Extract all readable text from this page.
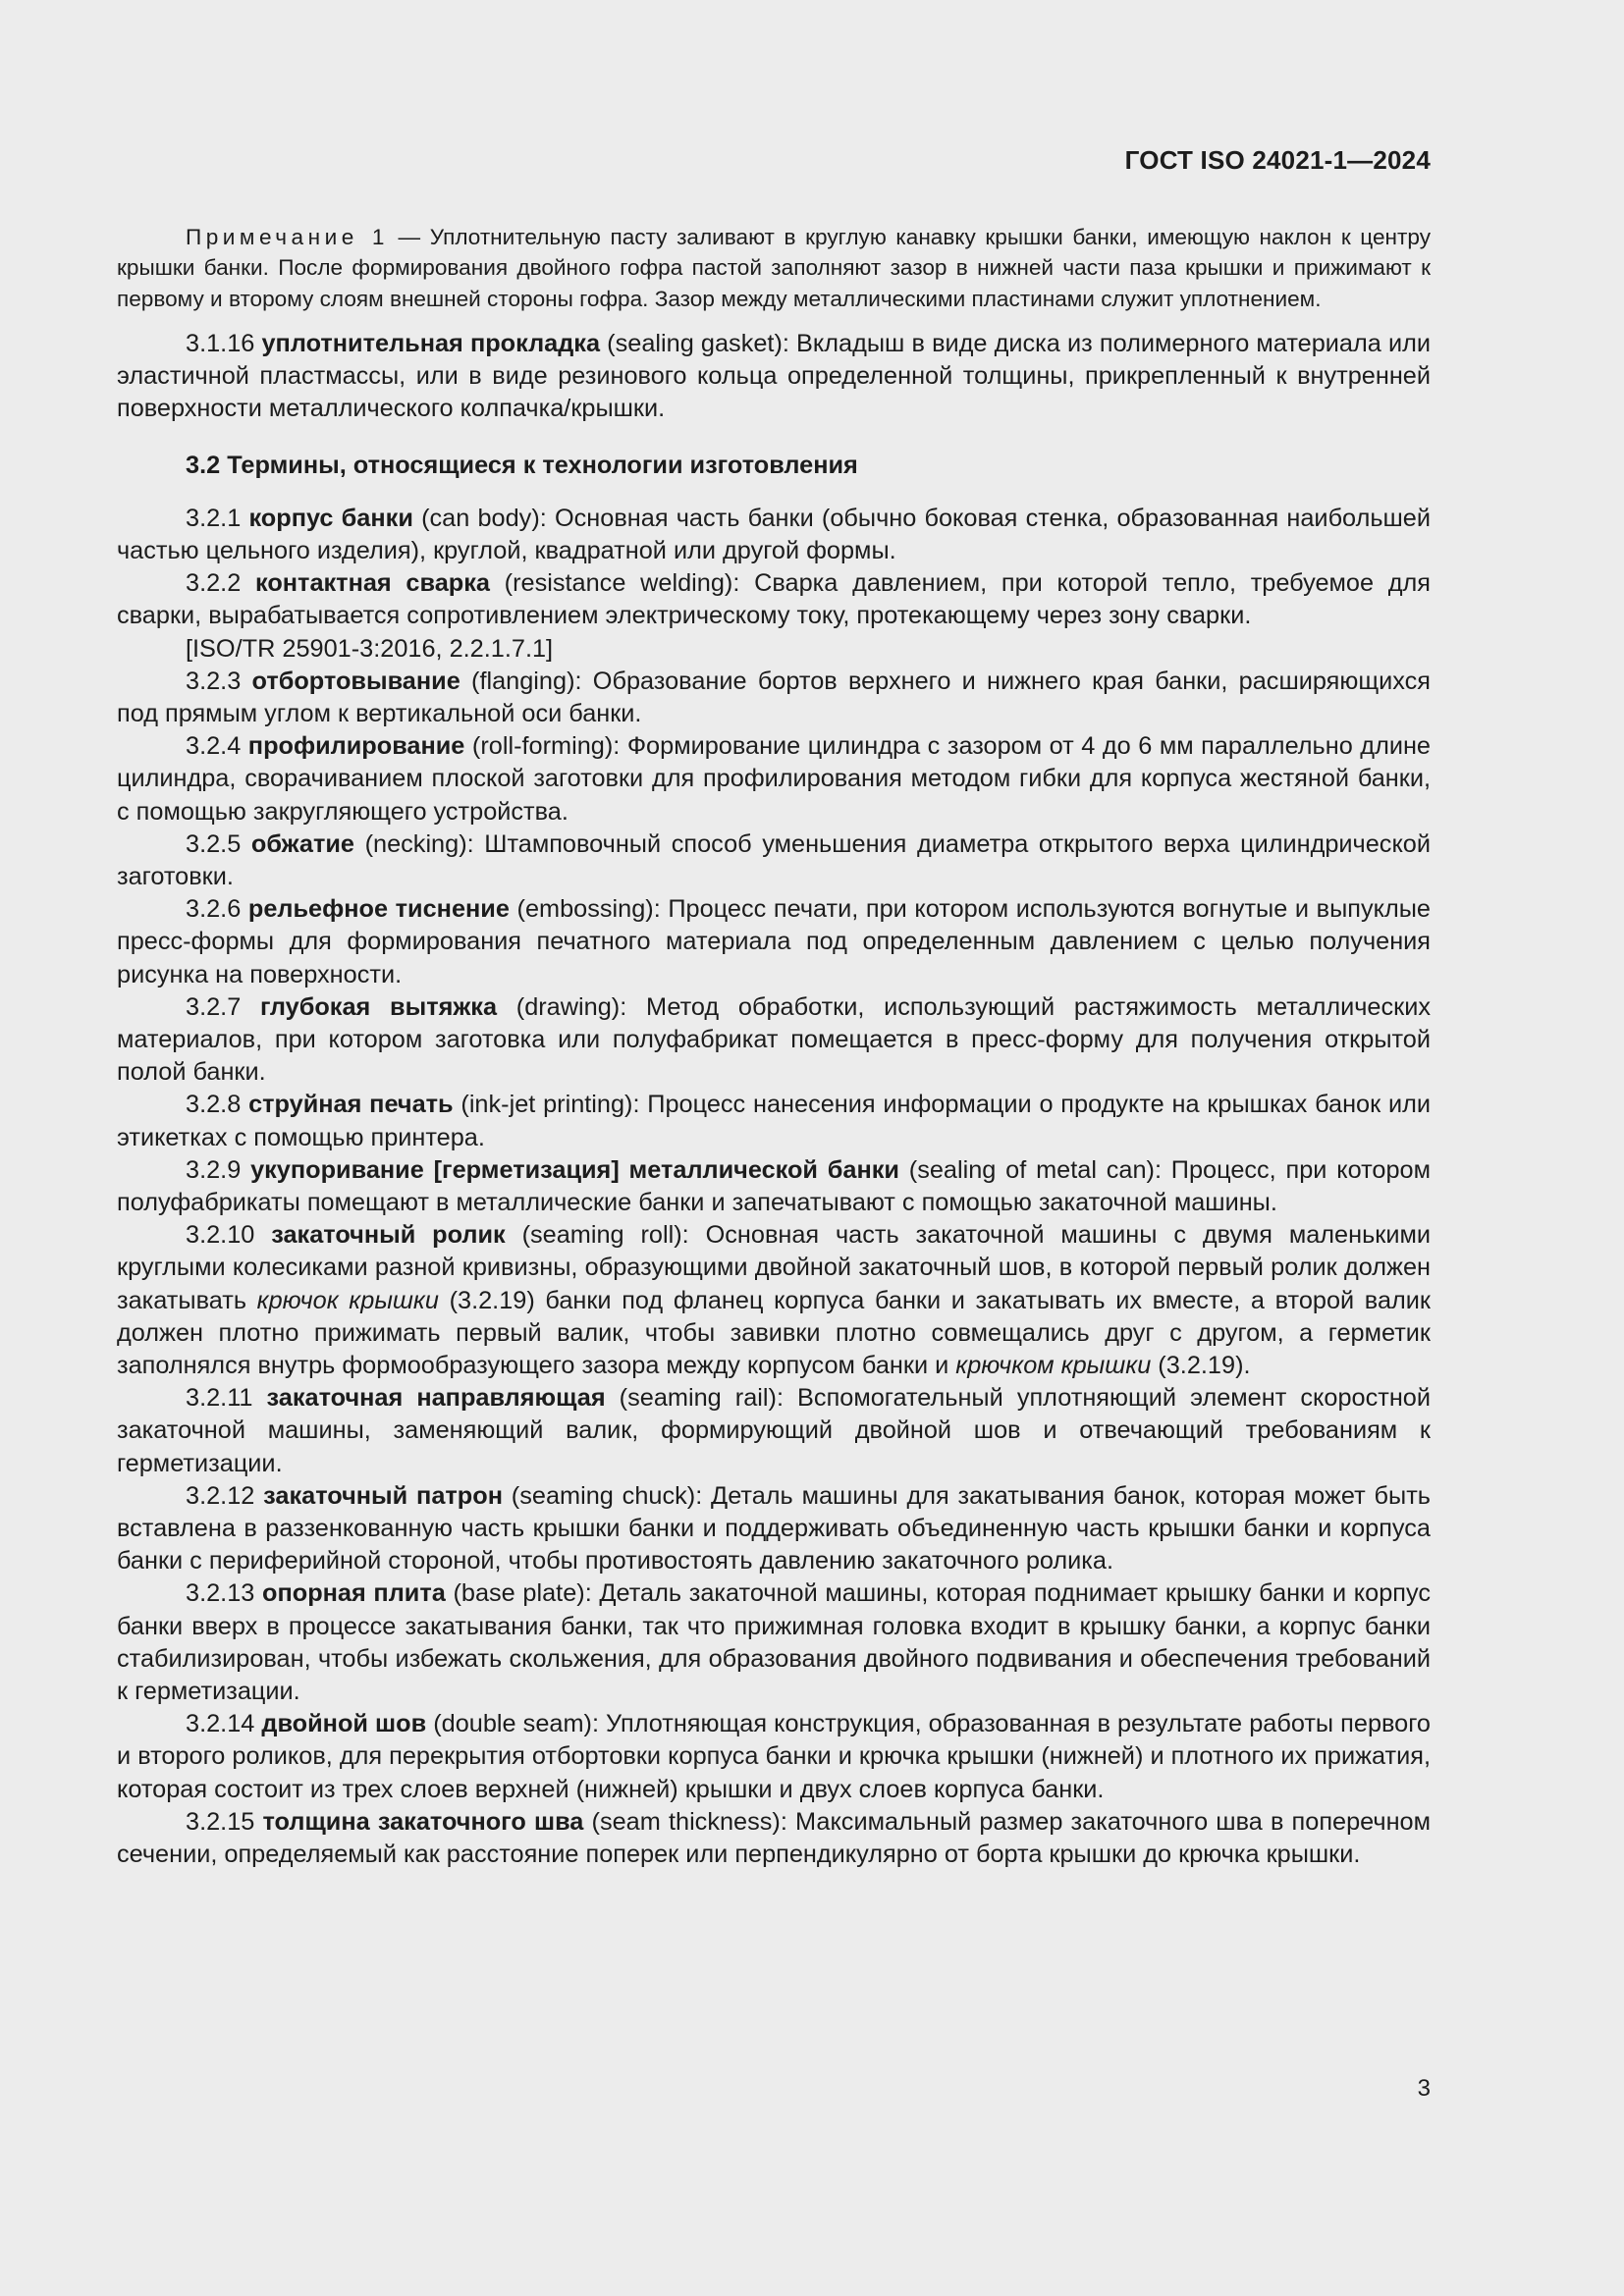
ГОСТ ISO 24021-1—2024

Примечание 1 — Уплотнительную пасту заливают в круглую канавку крышки банки, имеющую наклон к центру крышки банки. После формирования двойного гофра пастой заполняют зазор в нижней части паза крышки и прижимают к первому и второму слоям внешней стороны гофра. Зазор между металлическими пластинами служит уплотнением.

3.1.16 уплотнительная прокладка (sealing gasket): Вкладыш в виде диска из полимерного материала или эластичной пластмассы, или в виде резинового кольца определенной толщины, прикрепленный к внутренней поверхности металлического колпачка/крышки.

3.2 Термины, относящиеся к технологии изготовления

3.2.1 корпус банки (can body): Основная часть банки (обычно боковая стенка, образованная наибольшей частью цельного изделия), круглой, квадратной или другой формы.

3.2.2 контактная сварка (resistance welding): Сварка давлением, при которой тепло, требуемое для сварки, вырабатывается сопротивлением электрическому току, протекающему через зону сварки.

[ISO/TR 25901-3:2016, 2.2.1.7.1]

3.2.3 отбортовывание (flanging): Образование бортов верхнего и нижнего края банки, расширяющихся под прямым углом к вертикальной оси банки.

3.2.4 профилирование (roll-forming): Формирование цилиндра с зазором от 4 до 6 мм параллельно длине цилиндра, сворачиванием плоской заготовки для профилирования методом гибки для корпуса жестяной банки, с помощью закругляющего устройства.

3.2.5 обжатие (necking): Штамповочный способ уменьшения диаметра открытого верха цилиндрической заготовки.

3.2.6 рельефное тиснение (embossing): Процесс печати, при котором используются вогнутые и выпуклые пресс-формы для формирования печатного материала под определенным давлением с целью получения рисунка на поверхности.

3.2.7 глубокая вытяжка (drawing): Метод обработки, использующий растяжимость металлических материалов, при котором заготовка или полуфабрикат помещается в пресс-форму для получения открытой полой банки.

3.2.8 струйная печать (ink-jet printing): Процесс нанесения информации о продукте на крышках банок или этикетках с помощью принтера.

3.2.9 укупоривание [герметизация] металлической банки (sealing of metal can): Процесс, при котором полуфабрикаты помещают в металлические банки и запечатывают с помощью закаточной машины.

3.2.10 закаточный ролик (seaming roll): Основная часть закаточной машины с двумя маленькими круглыми колесиками разной кривизны, образующими двойной закаточный шов, в которой первый ролик должен закатывать крючок крышки (3.2.19) банки под фланец корпуса банки и закатывать их вместе, а второй валик должен плотно прижимать первый валик, чтобы завивки плотно совмещались друг с другом, а герметик заполнялся внутрь формообразующего зазора между корпусом банки и крючком крышки (3.2.19).

3.2.11 закаточная направляющая (seaming rail): Вспомогательный уплотняющий элемент скоростной закаточной машины, заменяющий валик, формирующий двойной шов и отвечающий требованиям к герметизации.

3.2.12 закаточный патрон (seaming chuck): Деталь машины для закатывания банок, которая может быть вставлена в раззенкованную часть крышки банки и поддерживать объединенную часть крышки банки и корпуса банки с периферийной стороной, чтобы противостоять давлению закаточного ролика.

3.2.13 опорная плита (base plate): Деталь закаточной машины, которая поднимает крышку банки и корпус банки вверх в процессе закатывания банки, так что прижимная головка входит в крышку банки, а корпус банки стабилизирован, чтобы избежать скольжения, для образования двойного подвивания и обеспечения требований к герметизации.

3.2.14 двойной шов (double seam): Уплотняющая конструкция, образованная в результате работы первого и второго роликов, для перекрытия отбортовки корпуса банки и крючка крышки (нижней) и плотного их прижатия, которая состоит из трех слоев верхней (нижней) крышки и двух слоев корпуса банки.

3.2.15 толщина закаточного шва (seam thickness): Максимальный размер закаточного шва в поперечном сечении, определяемый как расстояние поперек или перпендикулярно от борта крышки до крючка крышки.

3
